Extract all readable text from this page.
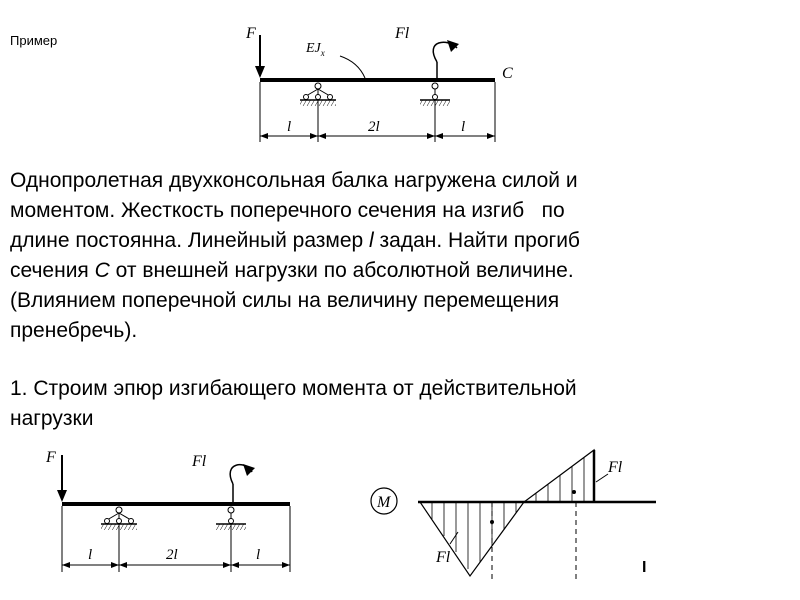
Пример	F
$EJ_x$
Fl
C
l	2l	l
Однопролетная двухконсольная балка нагружена силой и
моментом. Жесткость поперечного сечения на изгиб   по
длине постоянна. Линейный размер l задан. Найти прогиб
сечения C от внешней нагрузки по абсолютной величине.
(Влиянием поперечной силы на величину перемещения
пренебречь).
1. Строим эпюр изгибающего момента от действительной
нагрузки
F	Fl
l	2l	l
M
Fl
Fl
I
